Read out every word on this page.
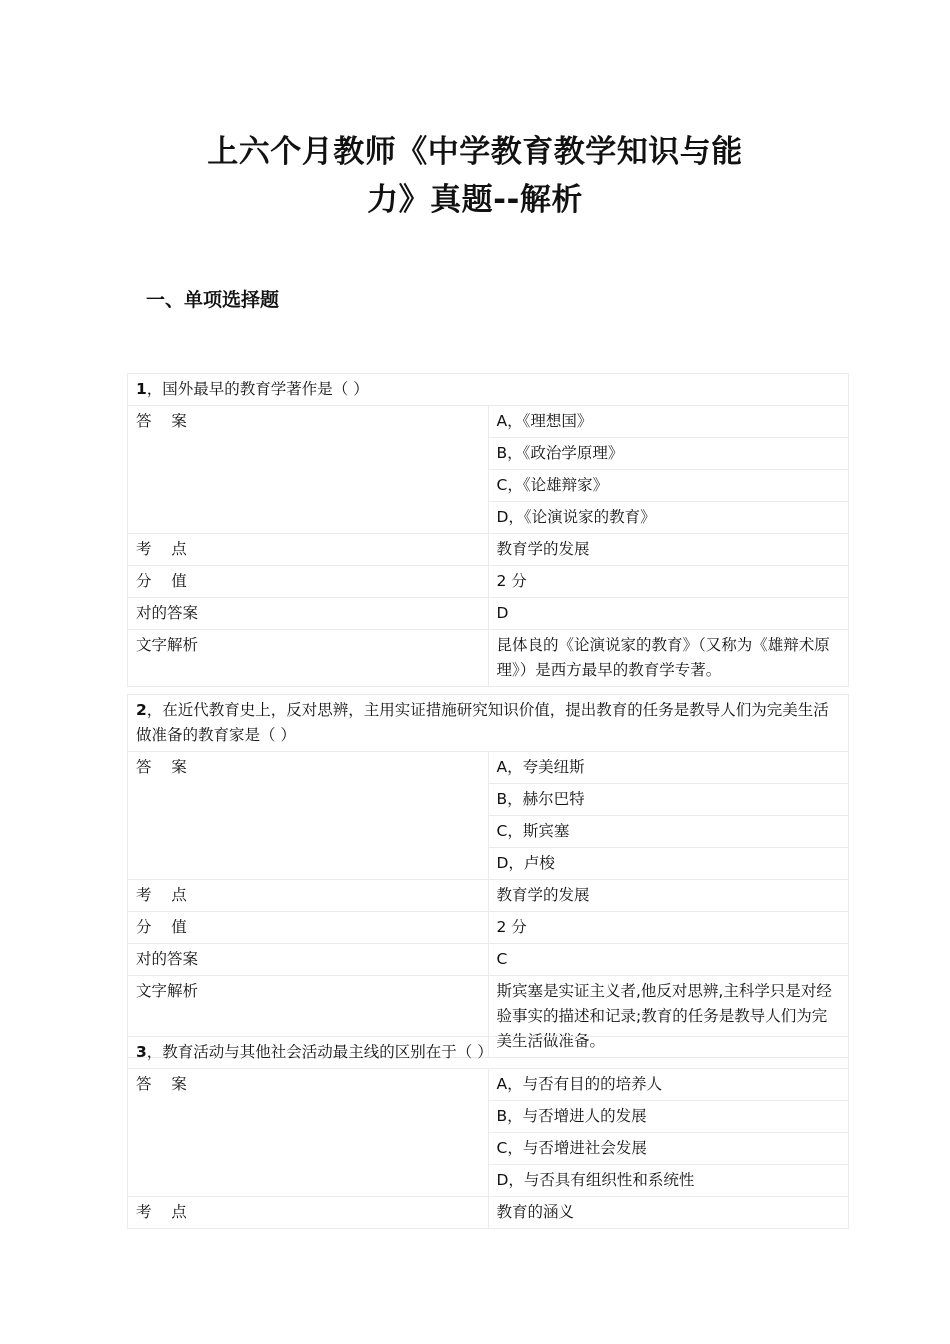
上六个月教师《中学教育教学知识与能
力》真题--解析
一、单项选择题
1，国外最早的教育学著作是（ ）	
答    案	A，《理想国》
	B，《政治学原理》
	C，《论雄辩家》
	D，《论演说家的教育》
考    点	教育学的发展
分    值	2 分
对的答案	D
文字解析	昆体良的《论演说家的教育》（又称为《雄辩术原理》）是西方最早的教育学专著。
2，在近代教育史上，反对思辨，主用实证措施研究知识价值，提出教育的任务是教导人们为完美生活做准备的教育家是（ ）	
答    案	A，夸美纽斯
	B，赫尔巴特
	C，斯宾塞
	D，卢梭
考    点	教育学的发展
分    值	2 分
对的答案	C
文字解析	斯宾塞是实证主义者,他反对思辨,主科学只是对经验事实的描述和记录;教育的任务是教导人们为完美生活做准备。
3，教育活动与其他社会活动最主线的区别在于（ ）	
答    案	A，与否有目的的培养人
	B，与否增进人的发展
	C，与否增进社会发展
	D，与否具有组织性和系统性
考    点	教育的涵义
